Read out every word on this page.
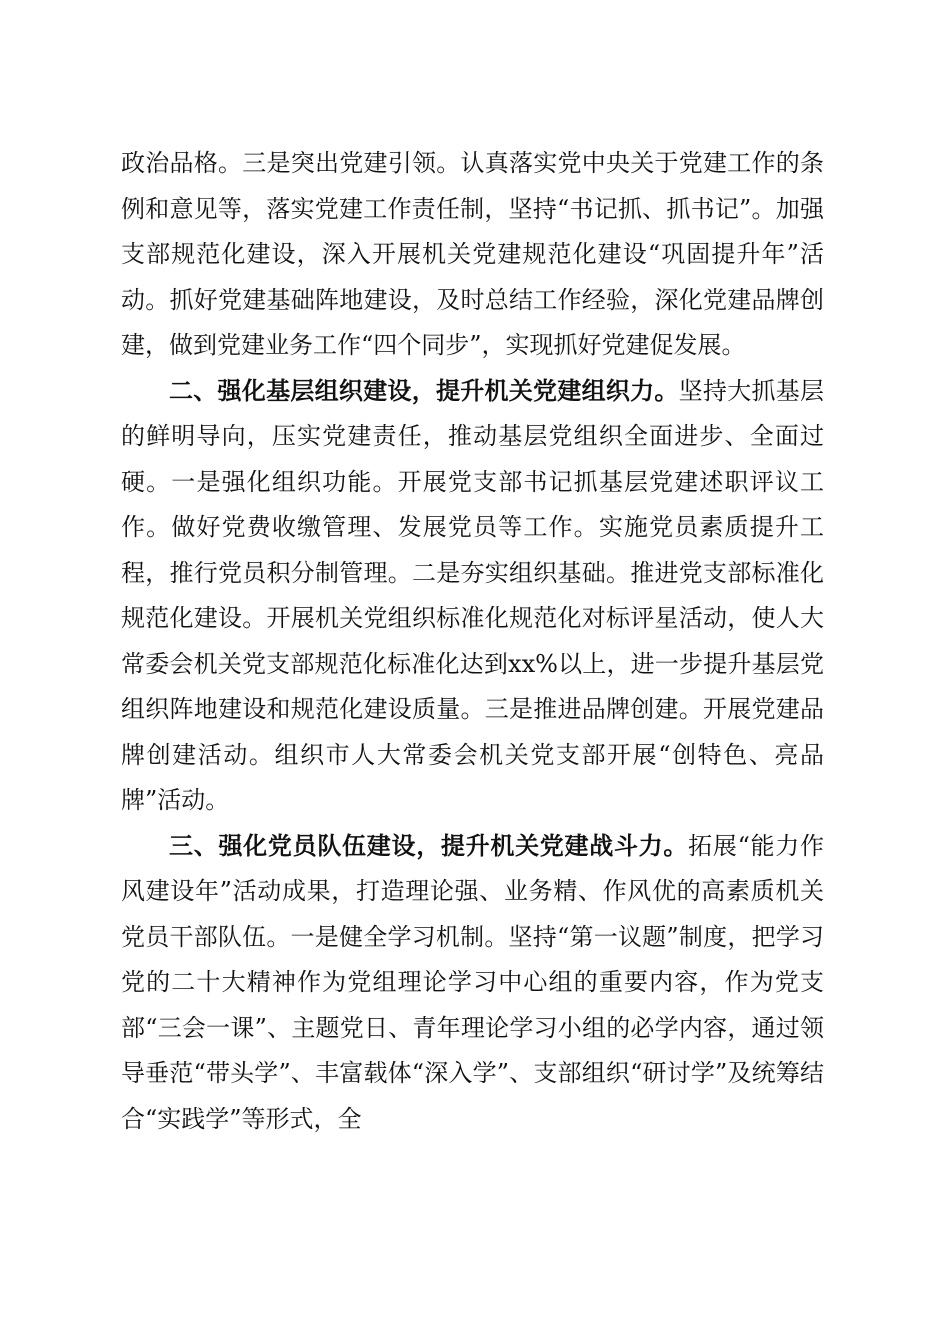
政治品格。三是突出党建引领。认真落实党中央关于党建工作的条例和意见等，落实党建工作责任制，坚持“书记抓、抓书记”。加强支部规范化建设，深入开展机关党建规范化建设“巩固提升年”活动。抓好党建基础阵地建设，及时总结工作经验，深化党建品牌创建，做到党建业务工作“四个同步”，实现抓好党建促发展。

二、强化基层组织建设，提升机关党建组织力。坚持大抓基层的鲜明导向，压实党建责任，推动基层党组织全面进步、全面过硬。一是强化组织功能。开展党支部书记抓基层党建述职评议工作。做好党费收缴管理、发展党员等工作。实施党员素质提升工程，推行党员积分制管理。二是夯实组织基础。推进党支部标准化规范化建设。开展机关党组织标准化规范化对标评星活动，使人大常委会机关党支部规范化标准化达到xx%以上，进一步提升基层党组织阵地建设和规范化建设质量。三是推进品牌创建。开展党建品牌创建活动。组织市人大常委会机关党支部开展“创特色、亮品牌”活动。

三、强化党员队伍建设，提升机关党建战斗力。拓展“能力作风建设年”活动成果，打造理论强、业务精、作风优的高素质机关党员干部队伍。一是健全学习机制。坚持“第一议题”制度，把学习党的二十大精神作为党组理论学习中心组的重要内容，作为党支部“三会一课”、主题党日、青年理论学习小组的必学内容，通过领导垂范“带头学”、丰富载体“深入学”、支部组织“研讨学”及统筹结合“实践学”等形式，全
